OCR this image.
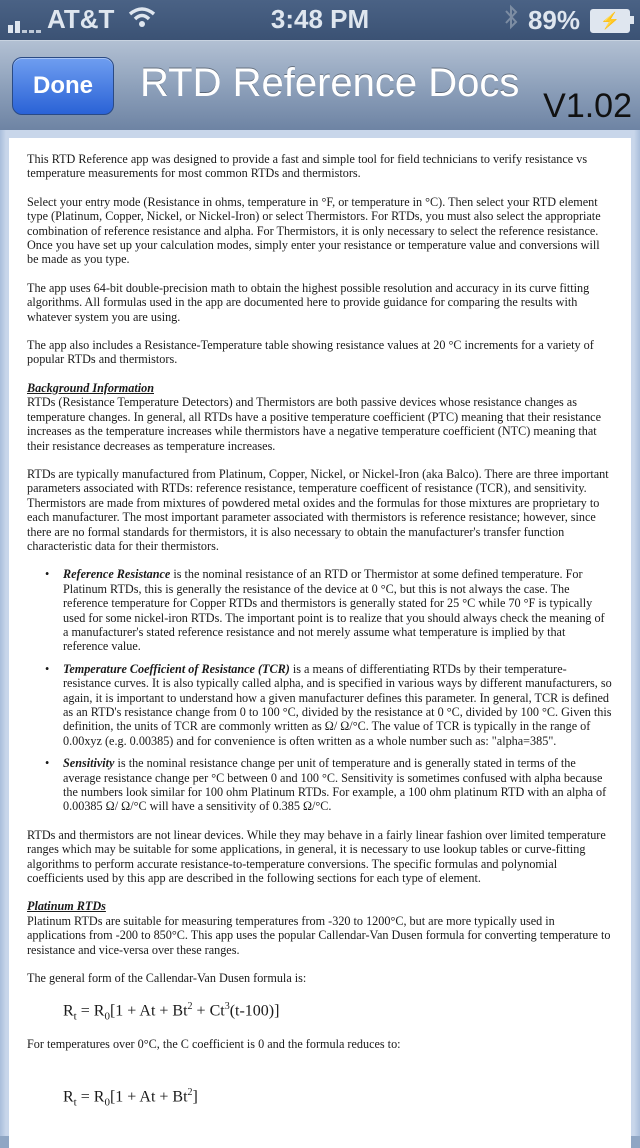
AT&T	3:48 PM	89%	⚡
Done	RTD Reference Docs
V1.02

This RTD Reference app was designed to provide a fast and simple tool for field technicians to verify resistance vs temperature measurements for most common RTDs and thermistors.

Select your entry mode (Resistance in ohms, temperature in °F, or temperature in °C). Then select your RTD element type (Platinum, Copper, Nickel, or Nickel-Iron) or select Thermistors. For RTDs, you must also select the appropriate combination of reference resistance and alpha. For Thermistors, it is only necessary to select the reference resistance. Once you have set up your calculation modes, simply enter your resistance or temperature value and conversions will be made as you type.

The app uses 64-bit double-precision math to obtain the highest possible resolution and accuracy in its curve fitting algorithms. All formulas used in the app are documented here to provide guidance for comparing the results with whatever system you are using.

The app also includes a Resistance-Temperature table showing resistance values at 20 °C increments for a variety of popular RTDs and thermistors.

Background Information

RTDs (Resistance Temperature Detectors) and Thermistors are both passive devices whose resistance changes as temperature changes. In general, all RTDs have a positive temperature coefficient (PTC) meaning that their resistance increases as the temperature increases while thermistors have a negative temperature coefficient (NTC) meaning that their resistance decreases as temperature increases.

RTDs are typically manufactured from Platinum, Copper, Nickel, or Nickel-Iron (aka Balco). There are three important parameters associated with RTDs: reference resistance, temperature coefficent of resistance (TCR), and sensitivity. Thermistors are made from mixtures of powdered metal oxides and the formulas for those mixtures are proprietary to each manufacturer. The most important parameter associated with thermistors is reference resistance; however, since there are no formal standards for thermistors, it is also necessary to obtain the manufacturer's transfer function characteristic data for their thermistors.

• Reference Resistance is the nominal resistance of an RTD or Thermistor at some defined temperature. For Platinum RTDs, this is generally the resistance of the device at 0 °C, but this is not always the case. The reference temperature for Copper RTDs and thermistors is generally stated for 25 °C while 70 °F is typically used for some nickel-iron RTDs. The important point is to realize that you should always check the meaning of a manufacturer's stated reference resistance and not merely assume what temperature is implied by that reference value.
• Temperature Coefficient of Resistance (TCR) is a means of differentiating RTDs by their temperature-resistance curves. It is also typically called alpha, and is specified in various ways by different manufacturers, so again, it is important to understand how a given manufacturer defines this parameter. In general, TCR is defined as an RTD's resistance change from 0 to 100 °C, divided by the resistance at 0 °C, divided by 100 °C. Given this definition, the units of TCR are commonly written as Ω/ Ω/°C. The value of TCR is typically in the range of 0.00xyz (e.g. 0.00385) and for convenience is often written as a whole number such as: "alpha=385".
• Sensitivity is the nominal resistance change per unit of temperature and is generally stated in terms of the average resistance change per °C between 0 and 100 °C. Sensitivity is sometimes confused with alpha because the numbers look similar for 100 ohm Platinum RTDs. For example, a 100 ohm platinum RTD with an alpha of 0.00385 Ω/ Ω/°C will have a sensitivity of 0.385 Ω/°C.

RTDs and thermistors are not linear devices. While they may behave in a fairly linear fashion over limited temperature ranges which may be suitable for some applications, in general, it is necessary to use lookup tables or curve-fitting algorithms to perform accurate resistance-to-temperature conversions. The specific formulas and polynomial coefficients used by this app are described in the following sections for each type of element.

Platinum RTDs

Platinum RTDs are suitable for measuring temperatures from -320 to 1200°C, but are more typically used in applications from -200 to 850°C. This app uses the popular Callendar-Van Dusen formula for converting temperature to resistance and vice-versa over these ranges.

The general form of the Callendar-Van Dusen formula is:

$R_t = R_0[1 + At + Bt^2 + Ct^3(t-100)]$

For temperatures over 0°C, the C coefficient is 0 and the formula reduces to:

$R_t = R_0[1 + At + Bt^2]$
